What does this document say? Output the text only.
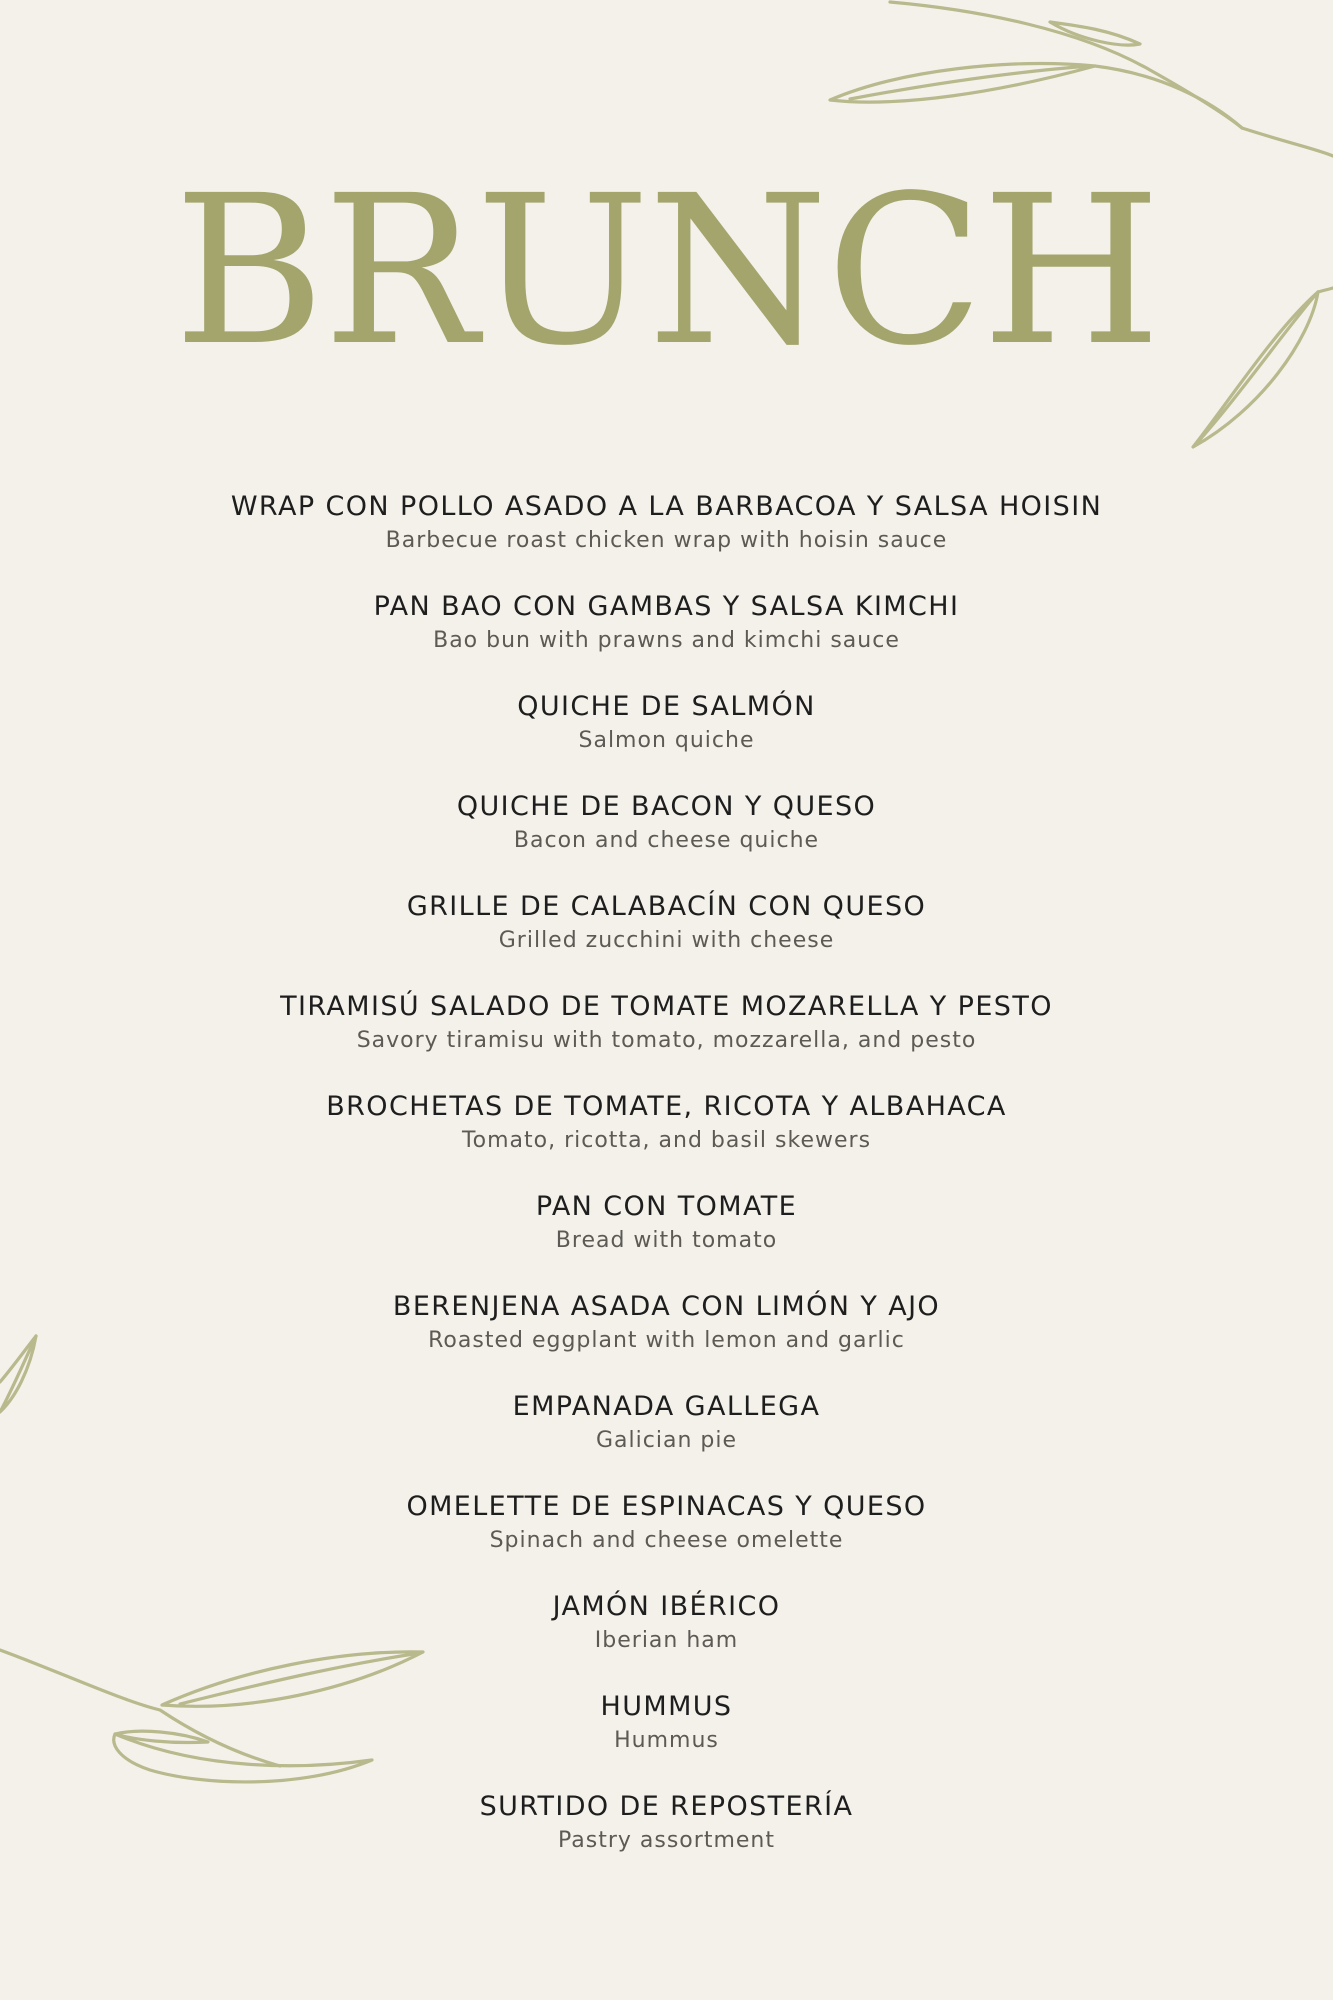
BRUNCH
WRAP CON POLLO ASADO A LA BARBACOA Y SALSA HOISIN
Barbecue roast chicken wrap with hoisin sauce
PAN BAO CON GAMBAS Y SALSA KIMCHI
Bao bun with prawns and kimchi sauce
QUICHE DE SALMÓN
Salmon quiche
QUICHE DE BACON Y QUESO
Bacon and cheese quiche
GRILLE DE CALABACÍN CON QUESO
Grilled zucchini with cheese
TIRAMISÚ SALADO DE TOMATE MOZARELLA Y PESTO
Savory tiramisu with tomato, mozzarella, and pesto
BROCHETAS DE TOMATE, RICOTA Y ALBAHACA
Tomato, ricotta, and basil skewers
PAN CON TOMATE
Bread with tomato
BERENJENA ASADA CON LIMÓN Y AJO
Roasted eggplant with lemon and garlic
EMPANADA GALLEGA
Galician pie
OMELETTE DE ESPINACAS Y QUESO
Spinach and cheese omelette
JAMÓN IBÉRICO
Iberian ham
HUMMUS
Hummus
SURTIDO DE REPOSTERÍA
Pastry assortment
